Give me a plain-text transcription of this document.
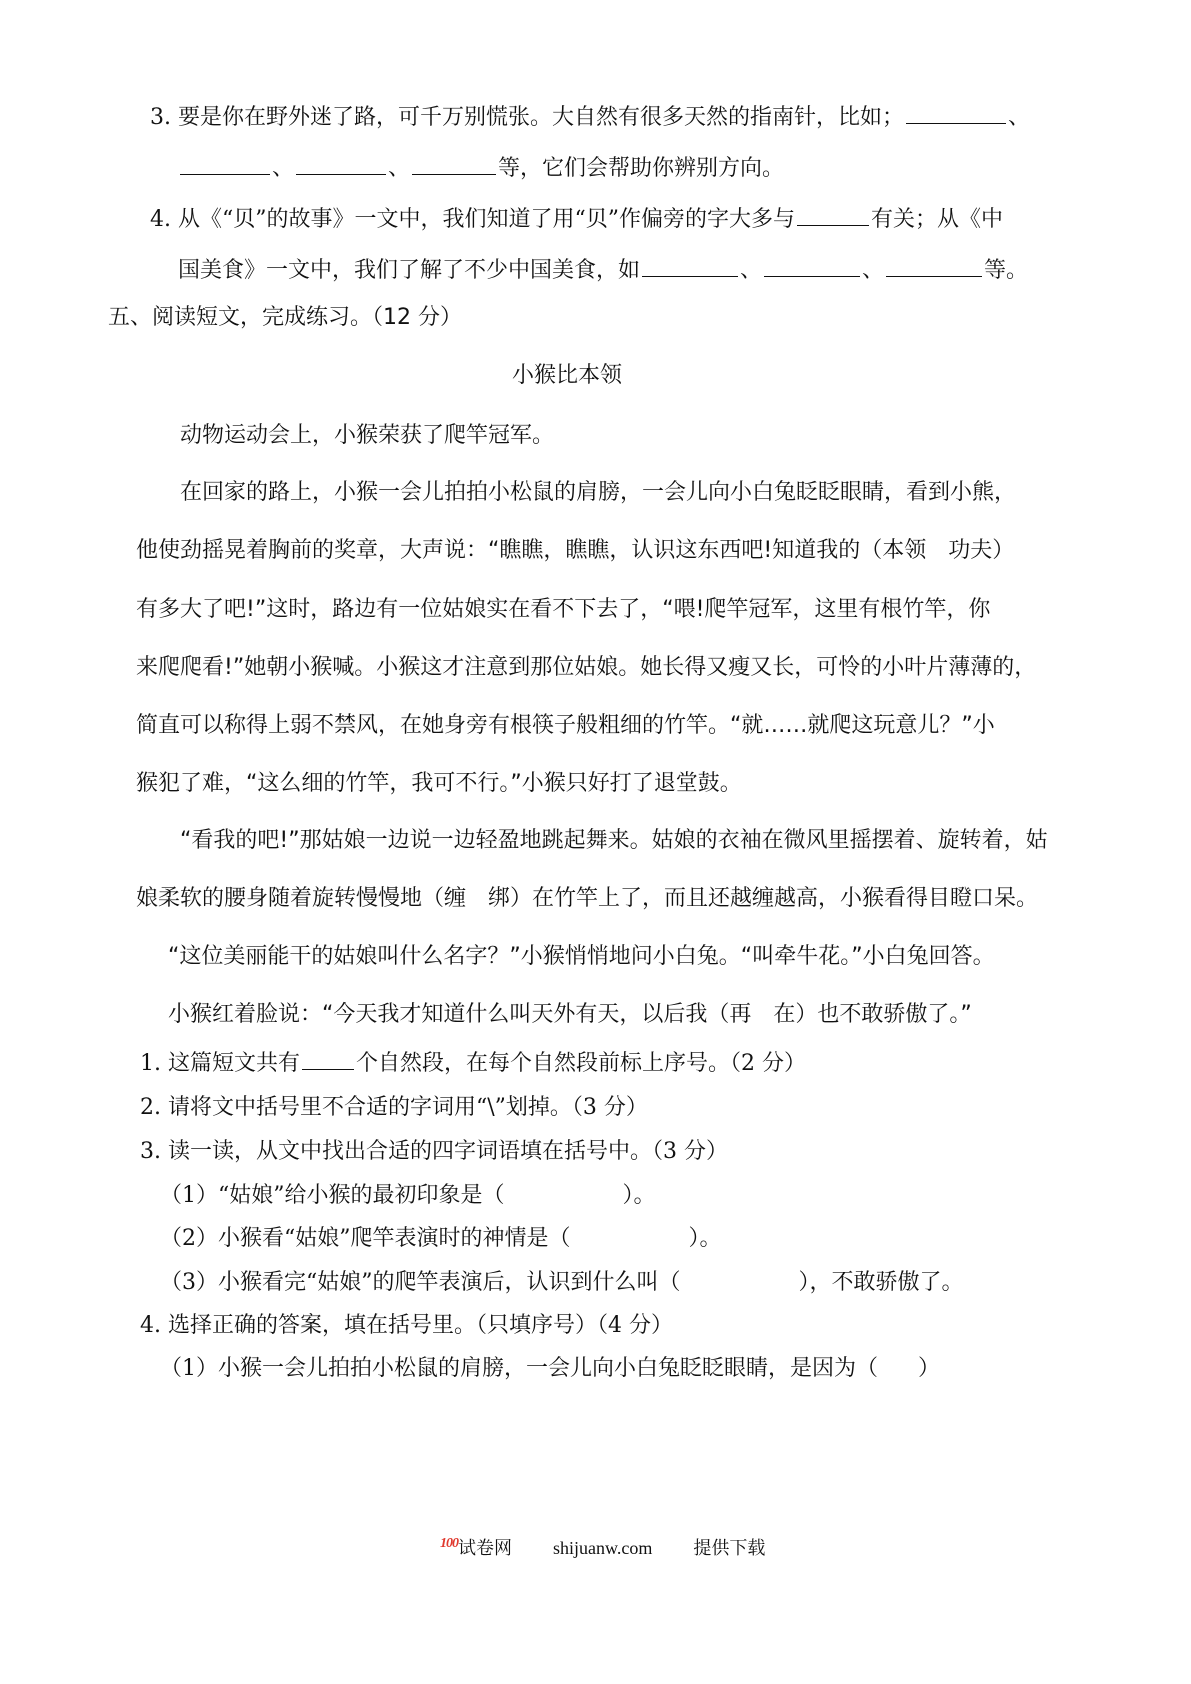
3. 要是你在野外迷了路，可千万别慌张。大自然有很多天然的指南针，比如；	、
、	、	等，它们会帮助你辨别方向。
4. 从《“贝”的故事》一文中，我们知道了用“贝”作偏旁的字大多与	有关；从《中
国美食》一文中，我们了解了不少中国美食，如	、	、	等。
五、阅读短文，完成练习。（12 分）
小猴比本领
动物运动会上，小猴荣获了爬竿冠军。
在回家的路上，小猴一会儿拍拍小松鼠的肩膀，一会儿向小白兔眨眨眼睛，看到小熊，
他使劲摇晃着胸前的奖章，大声说：“瞧瞧，瞧瞧，认识这东西吧!知道我的（本领　功夫）
有多大了吧!”这时，路边有一位姑娘实在看不下去了，“喂!爬竿冠军，这里有根竹竿，你
来爬爬看!”她朝小猴喊。小猴这才注意到那位姑娘。她长得又瘦又长，可怜的小叶片薄薄的，
简直可以称得上弱不禁风，在她身旁有根筷子般粗细的竹竿。“就……就爬这玩意儿？”小
猴犯了难，“这么细的竹竿，我可不行。”小猴只好打了退堂鼓。
“看我的吧!”那姑娘一边说一边轻盈地跳起舞来。姑娘的衣袖在微风里摇摆着、旋转着，姑
娘柔软的腰身随着旋转慢慢地（缠　绑）在竹竿上了，而且还越缠越高，小猴看得目瞪口呆。
“这位美丽能干的姑娘叫什么名字？”小猴悄悄地问小白兔。“叫牵牛花。”小白兔回答。
小猴红着脸说：“今天我才知道什么叫天外有天，以后我（再　在）也不敢骄傲了。”
1. 这篇短文共有	个自然段，在每个自然段前标上序号。（2 分）
2. 请将文中括号里不合适的字词用“\”划掉。（3 分）
3. 读一读，从文中找出合适的四字词语填在括号中。（3 分）
（1）“姑娘”给小猴的最初印象是（	）。
（2）小猴看“姑娘”爬竿表演时的神情是（	）。
（3）小猴看完“姑娘”的爬竿表演后，认识到什么叫（	），不敢骄傲了。
4. 选择正确的答案，填在括号里。（只填序号）（4 分）
（1）小猴一会儿拍拍小松鼠的肩膀，一会儿向小白兔眨眨眼睛，是因为（ ）
$^{100}$试卷网 shijuanw.com 提供下载
